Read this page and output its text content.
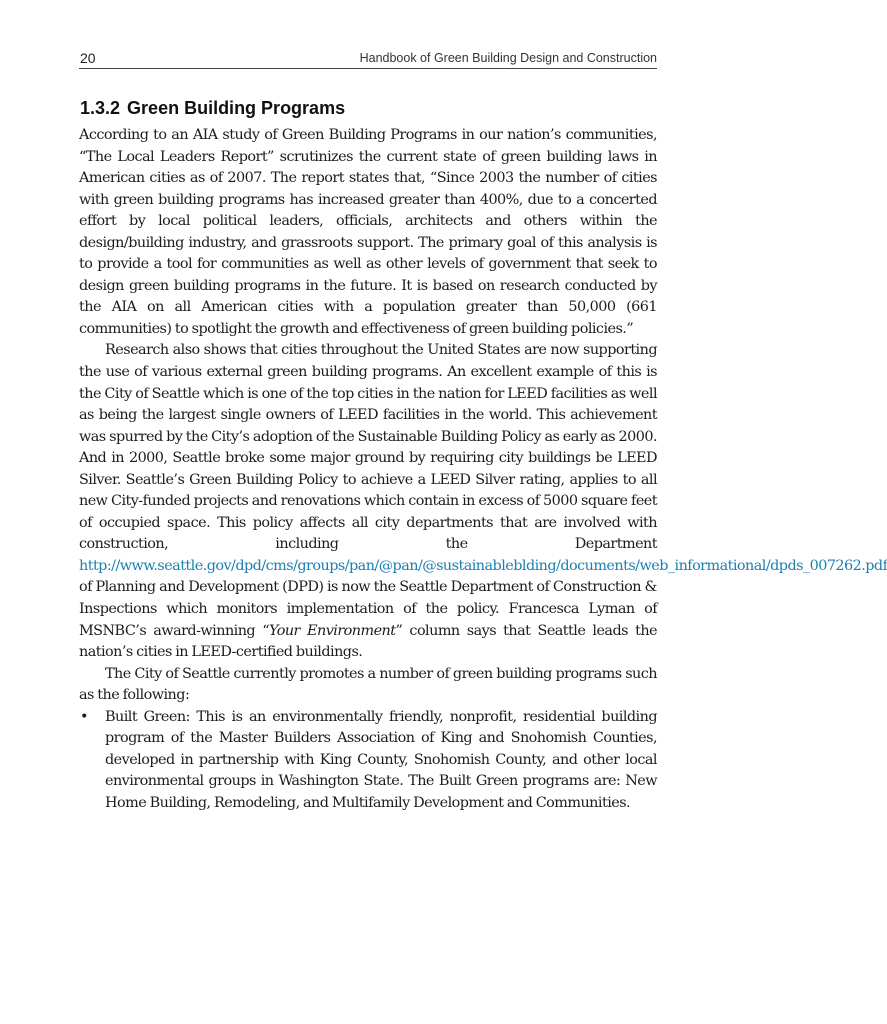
20	Handbook of Green Building Design and Construction
1.3.2 Green Building Programs

According to an AIA study of Green Building Programs in our nation’s communities, “The Local Leaders Report” scrutinizes the current state of green building laws in American cities as of 2007. The report states that, “Since 2003 the number of cities with green building programs has increased greater than 400%, due to a concerted effort by local political leaders, officials, architects and others within the design/building industry, and grassroots support. The primary goal of this analysis is to provide a tool for communities as well as other levels of government that seek to design green building programs in the future. It is based on research conducted by the AIA on all American cities with a population greater than 50,000 (661 communities) to spotlight the growth and effectiveness of green building policies.”

Research also shows that cities throughout the United States are now supporting the use of various external green building programs. An excellent example of this is the City of Seattle which is one of the top cities in the nation for LEED facilities as well as being the largest single owners of LEED facilities in the world. This achievement was spurred by the City’s adoption of the Sustainable Building Policy as early as 2000. And in 2000, Seattle broke some major ground by requiring city buildings be LEED Silver. Seattle’s Green Building Policy to achieve a LEED Silver rating, applies to all new City-funded projects and renovations which contain in excess of 5000 square feet of occupied space. This policy affects all city departments that are involved with construction, including the Department http://www.seattle.gov/dpd/cms/groups/pan/@pan/@sustainableblding/documents/web_informational/dpds_007262.pdf of Planning and Development (DPD) is now the Seattle Department of Construction & Inspections which monitors implementation of the policy. Francesca Lyman of MSNBC’s award-winning “Your Environment” column says that Seattle leads the nation’s cities in LEED-certified buildings.

The City of Seattle currently promotes a number of green building programs such as the following:

• Built Green: This is an environmentally friendly, nonprofit, residential building program of the Master Builders Association of King and Snohomish Counties, developed in partnership with King County, Snohomish County, and other local environmental groups in Washington State. The Built Green programs are: New Home Building, Remodeling, and Multifamily Development and Communities.
